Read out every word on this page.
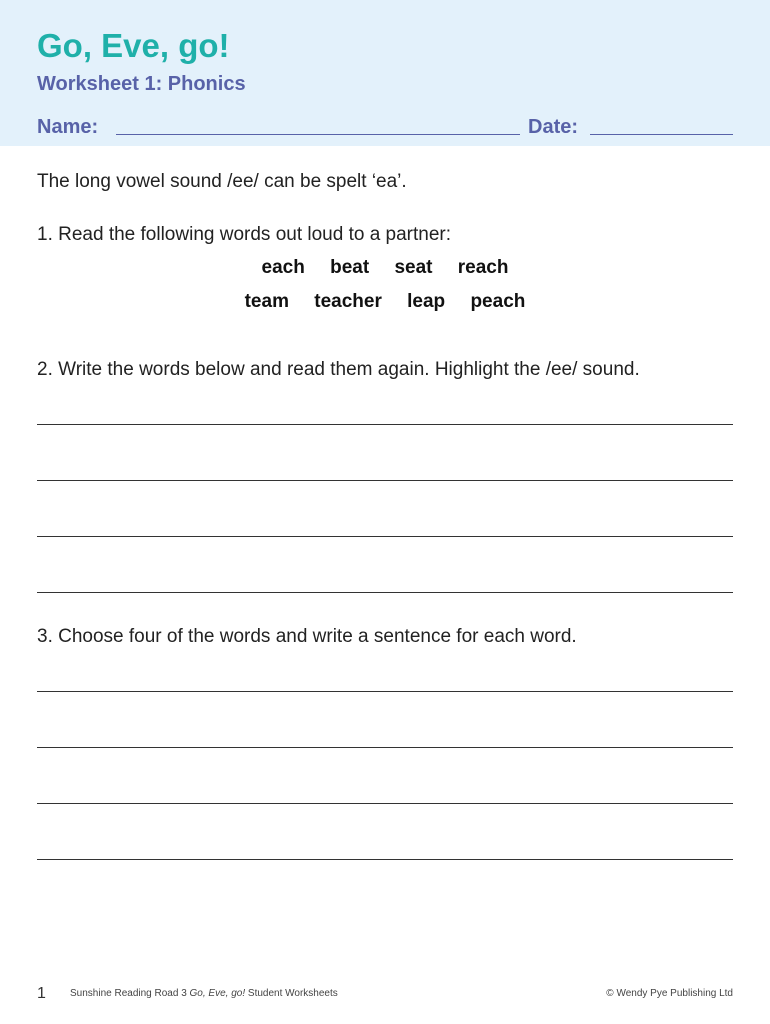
Go, Eve, go!
Worksheet 1: Phonics
Name:	Date:
The long vowel sound /ee/ can be spelt ‘ea’.
1. Read the following words out loud to a partner:
each beat seat reach
team teacher leap peach
2. Write the words below and read them again. Highlight the /ee/ sound.
3. Choose four of the words and write a sentence for each word.
1 Sunshine Reading Road 3 Go, Eve, go! Student Worksheets	© Wendy Pye Publishing Ltd
